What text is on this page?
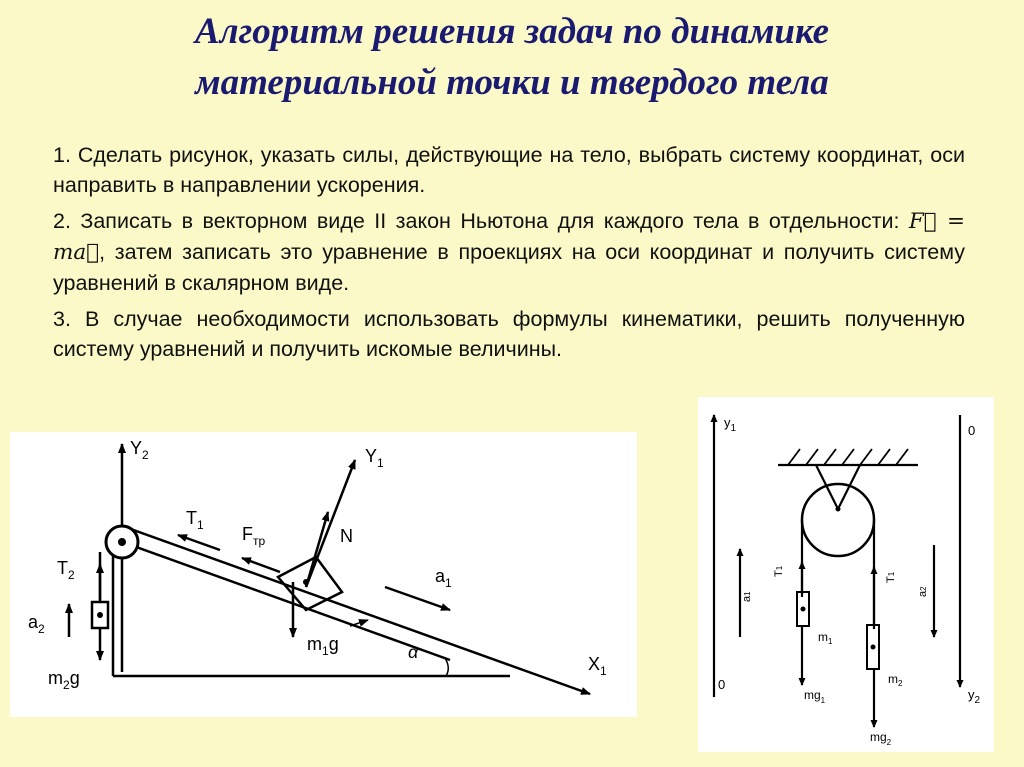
Алгоритм решения задач по динамике
материальной точки и твердого тела

1. Сделать рисунок, указать силы, действующие на тело, выбрать систему координат, оси направить в направлении ускорения.

2. Записать в векторном виде II закон Ньютона для каждого тела в отдельности: F⃗ = ma⃗, затем записать это уравнение в проекциях на оси координат и получить систему уравнений в скалярном виде.

3. В случае необходимости использовать формулы кинематики, решить полученную систему уравнений и получить искомые величины.

$Y_2$	$Y_1$
$X_1$
$T_1$ $F_{тр}$	N
$T_2$	$a_1$
$a_2$
$m_1g$
$m_2g$
α
$y_1$
$y_2$
0
0
a1	a2
T1
T1
$m_1$
$m_2$
$mg_1$
$mg_2$
